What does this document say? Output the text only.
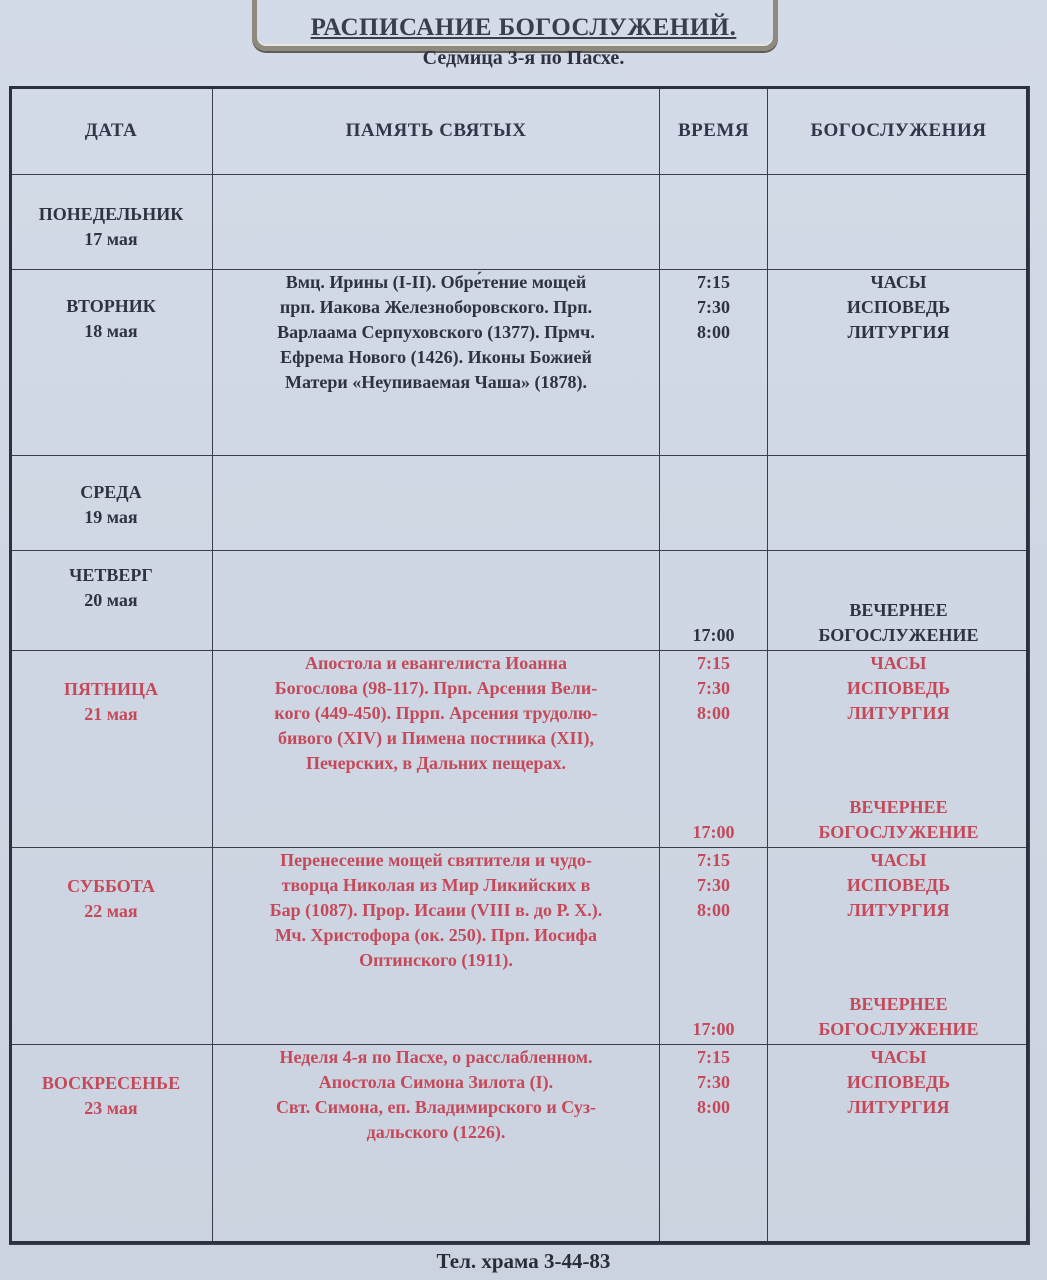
РАСПИСАНИЕ БОГОСЛУЖЕНИЙ.
Седмица 3-я по Пасхе.
ДАТА	ПАМЯТЬ СВЯТЫХ	ВРЕМЯ	БОГОСЛУЖЕНИЯ

ПОНЕДЕЛЬНИК
17 мая			

ВТОРНИК
18 мая	Вмц. Ирины (I-II). Обре́тение мощей
прп. Иакова Железноборовского. Прп.
Варлаама Серпуховского (1377). Прмч.
Ефрема Нового (1426). Иконы Божией
Матери «Неупиваемая Чаша» (1878).	7:15
7:30
8:00	ЧАСЫ
ИСПОВЕДЬ
ЛИТУРГИЯ

СРЕДА
19 мая			

ЧЕТВЕРГ
20 мая		17:00	ВЕЧЕРНЕЕ
БОГОСЛУЖЕНИЕ

ПЯТНИЦА
21 мая	Апостола и евангелиста Иоанна
Богослова (98-117). Прп. Арсения Вели-
кого (449-450). Пррп. Арсения трудолю-
бивого (XIV) и Пимена постника (XII),
Печерских, в Дальних пещерах.	7:15
7:30
8:00
17:00	ЧАСЫ
ИСПОВЕДЬ
ЛИТУРГИЯ
ВЕЧЕРНЕЕ
БОГОСЛУЖЕНИЕ

СУББОТА
22 мая	Перенесение мощей святителя и чудо-
творца Николая из Мир Ликийских в
Бар (1087). Прор. Исаии (VIII в. до Р. Х.).
Мч. Христофора (ок. 250). Прп. Иосифа
Оптинского (1911).	7:15
7:30
8:00
17:00	ЧАСЫ
ИСПОВЕДЬ
ЛИТУРГИЯ
ВЕЧЕРНЕЕ
БОГОСЛУЖЕНИЕ

ВОСКРЕСЕНЬЕ
23 мая	Неделя 4-я по Пасхе, о расслабленном.
Апостола Симона Зилота (I).
Свт. Симона, еп. Владимирского и Суз-
дальского (1226).	7:15
7:30
8:00	ЧАСЫ
ИСПОВЕДЬ
ЛИТУРГИЯ
Тел. храма 3-44-83
